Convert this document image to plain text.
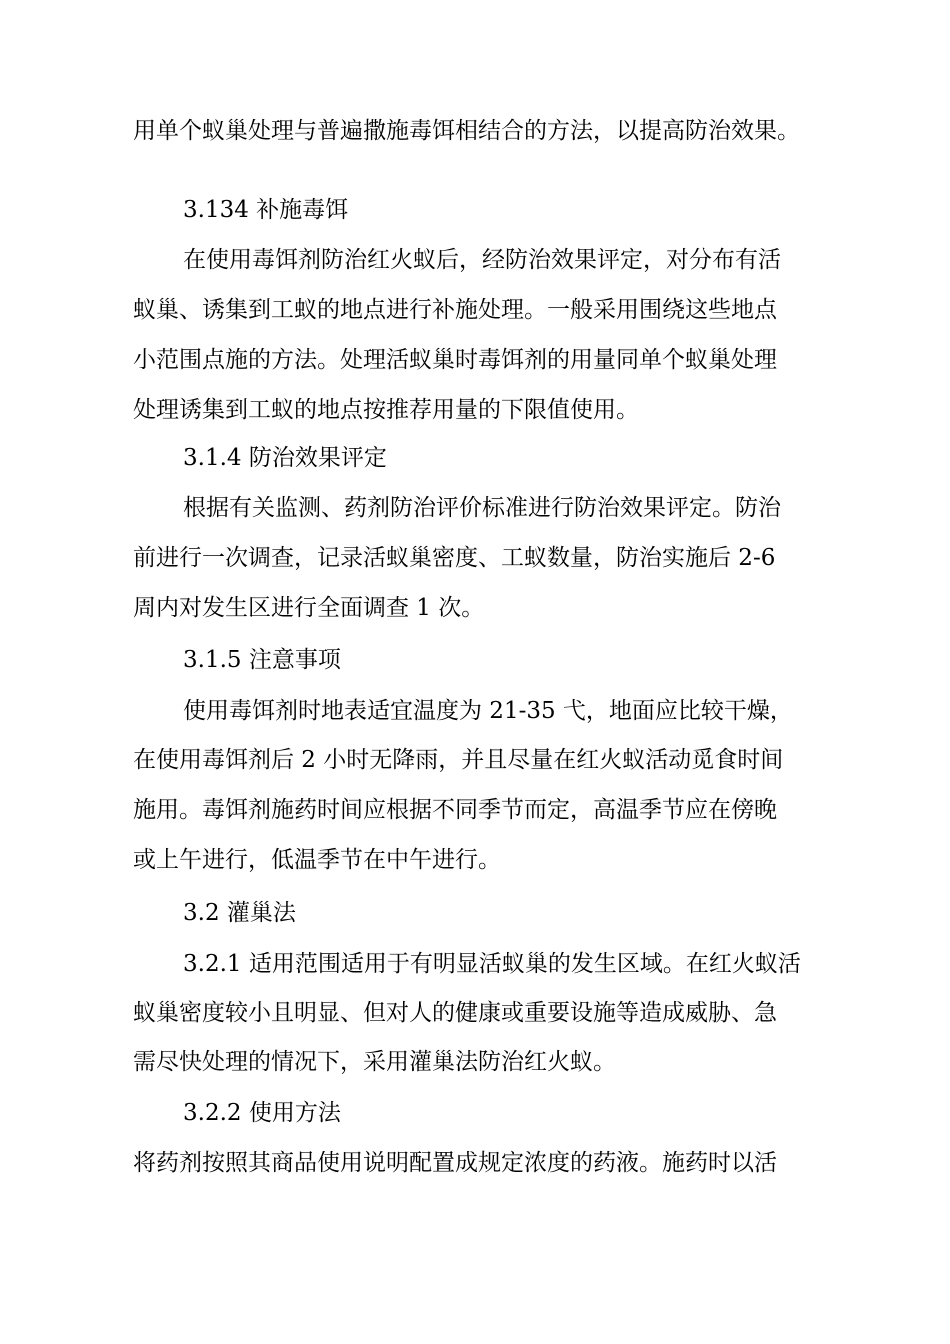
用单个蚁巢处理与普遍撒施毒饵相结合的方法，以提高防治效果。
3.134 补施毒饵
在使用毒饵剂防治红火蚁后，经防治效果评定，对分布有活
蚁巢、诱集到工蚁的地点进行补施处理。一般采用围绕这些地点
小范围点施的方法。处理活蚁巢时毒饵剂的用量同单个蚁巢处理
处理诱集到工蚁的地点按推荐用量的下限值使用。
3.1.4 防治效果评定
根据有关监测、药剂防治评价标准进行防治效果评定。防治
前进行一次调查，记录活蚁巢密度、工蚁数量，防治实施后 2-6
周内对发生区进行全面调查 1 次。
3.1.5 注意事项
使用毒饵剂时地表适宜温度为 21-35 弋，地面应比较干燥，
在使用毒饵剂后 2 小时无降雨，并且尽量在红火蚁活动觅食时间
施用。毒饵剂施药时间应根据不同季节而定，高温季节应在傍晚
或上午进行，低温季节在中午进行。
3.2 灌巢法
3.2.1 适用范围适用于有明显活蚁巢的发生区域。在红火蚁活
蚁巢密度较小且明显、但对人的健康或重要设施等造成威胁、急
需尽快处理的情况下，采用灌巢法防治红火蚁。
3.2.2 使用方法
将药剂按照其商品使用说明配置成规定浓度的药液。施药时以活
